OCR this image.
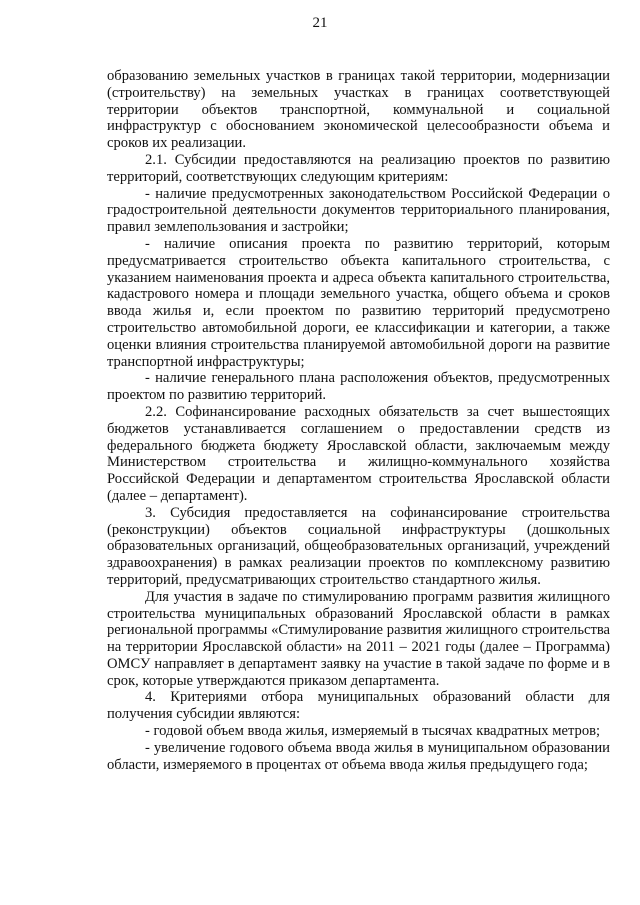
21

образованию земельных участков в границах такой территории, модернизации (строительству) на земельных участках в границах соответствующей территории объектов транспортной, коммунальной и социальной инфраструктур с обоснованием экономической целесообразности объема и сроков их реализации.

2.1. Субсидии предоставляются на реализацию проектов по развитию территорий, соответствующих следующим критериям:

- наличие предусмотренных законодательством Российской Федерации о градостроительной деятельности документов территориального планирования, правил землепользования и застройки;

- наличие описания проекта по развитию территорий, которым предусматривается строительство объекта капитального строительства, с указанием наименования проекта и адреса объекта капитального строительства, кадастрового номера и площади земельного участка, общего объема и сроков ввода жилья и, если проектом по развитию территорий предусмотрено строительство автомобильной дороги, ее классификации и категории, а также оценки влияния строительства планируемой автомобильной дороги на развитие транспортной инфраструктуры;

- наличие генерального плана расположения объектов, предусмотренных проектом по развитию территорий.

2.2. Софинансирование расходных обязательств за счет вышестоящих бюджетов устанавливается соглашением о предоставлении средств из федерального бюджета бюджету Ярославской области, заключаемым между Министерством строительства и жилищно-коммунального хозяйства Российской Федерации и департаментом строительства Ярославской области (далее – департамент).

3. Субсидия предоставляется на софинансирование строительства (реконструкции) объектов социальной инфраструктуры (дошкольных образовательных организаций, общеобразовательных организаций, учреждений здравоохранения) в рамках реализации проектов по комплексному развитию территорий, предусматривающих строительство стандартного жилья.

Для участия в задаче по стимулированию программ развития жилищного строительства муниципальных образований Ярославской области в рамках региональной программы «Стимулирование развития жилищного строительства на территории Ярославской области» на 2011 – 2021 годы (далее – Программа) ОМСУ направляет в департамент заявку на участие в такой задаче по форме и в срок, которые утверждаются приказом департамента.

4. Критериями отбора муниципальных образований области для получения субсидии являются:

- годовой объем ввода жилья, измеряемый в тысячах квадратных метров;

- увеличение годового объема ввода жилья в муниципальном образовании области, измеряемого в процентах от объема ввода жилья предыдущего года;
